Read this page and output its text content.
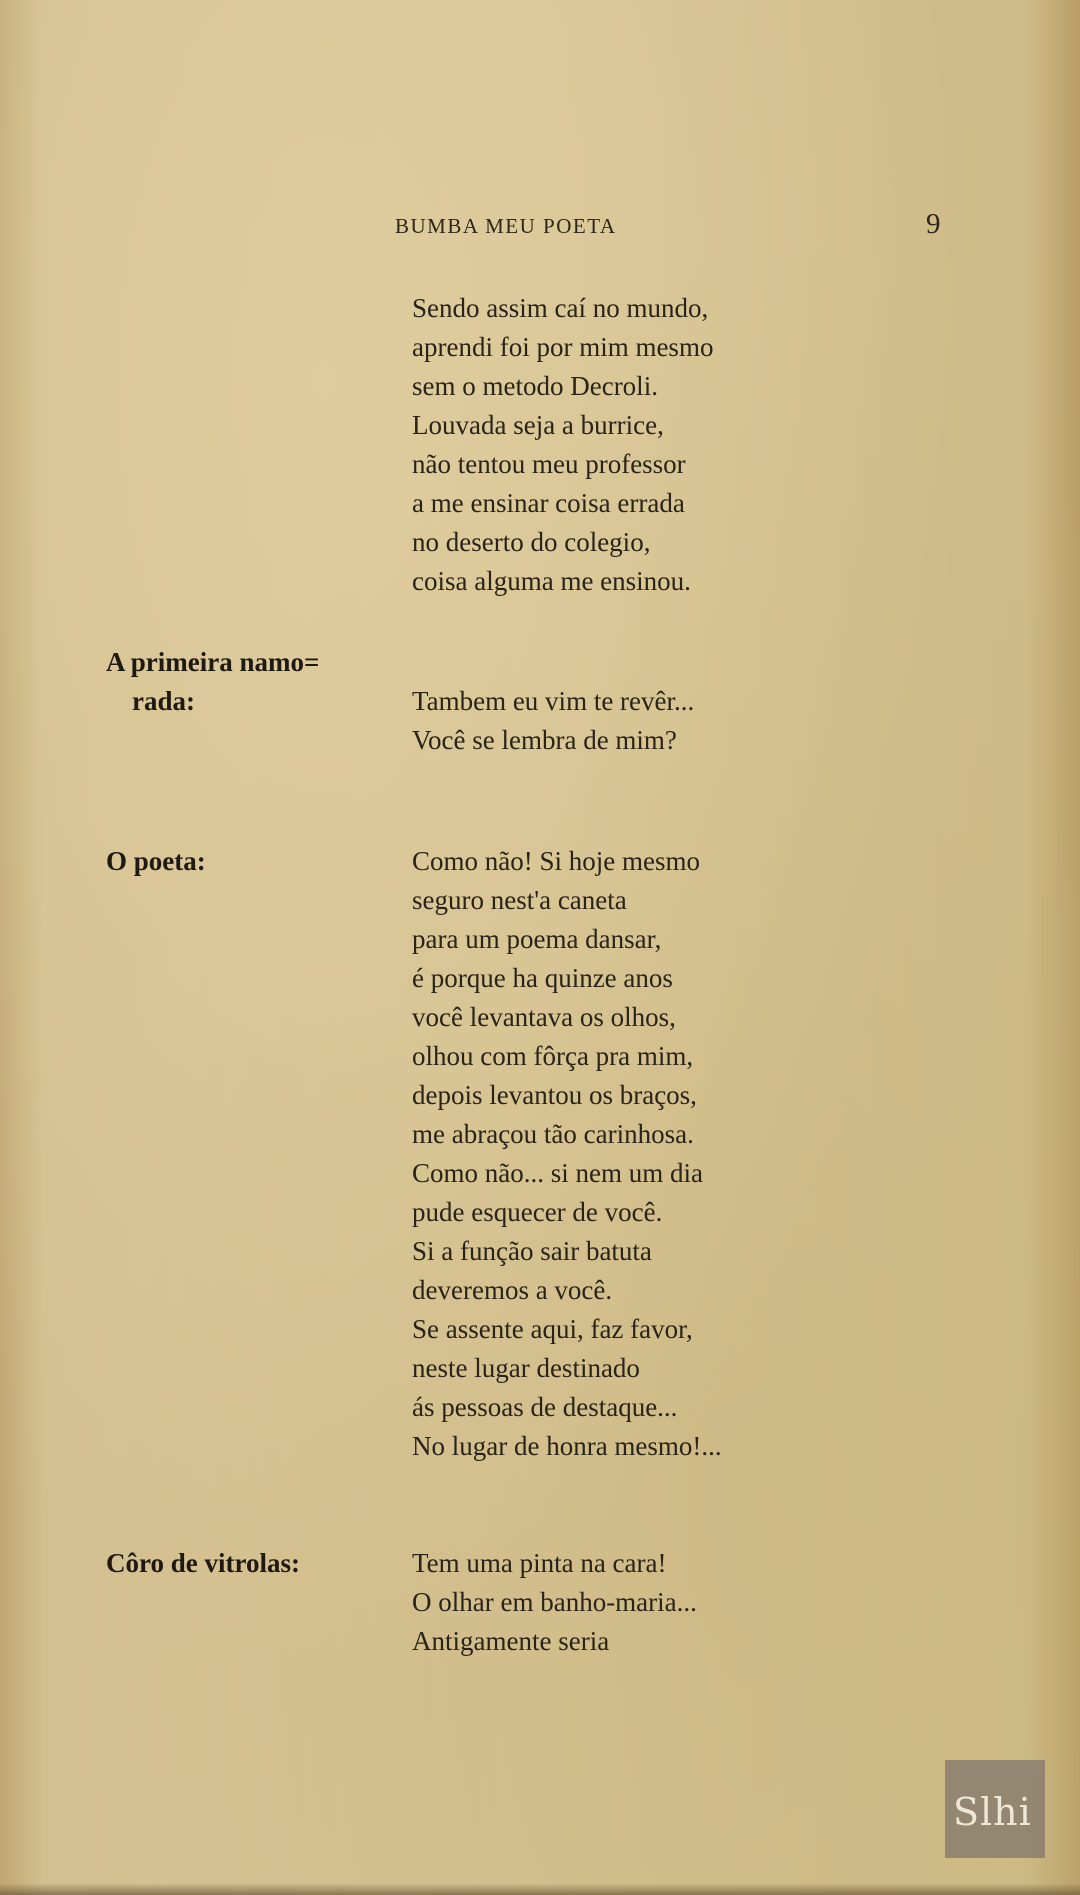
BUMBA MEU POETA	9
Sendo assim caí no mundo,
aprendi foi por mim mesmo
sem o metodo Decroli.
Louvada seja a burrice,
não tentou meu professor
a me ensinar coisa errada
no deserto do colegio,
coisa alguma me ensinou.
A primeira namo=
rada:	Tambem eu vim te revêr...
Você se lembra de mim?
O poeta:	Como não! Si hoje mesmo
seguro nest'a caneta
para um poema dansar,
é porque ha quinze anos
você levantava os olhos,
olhou com fôrça pra mim,
depois levantou os braços,
me abraçou tão carinhosa.
Como não... si nem um dia
pude esquecer de você.
Si a função sair batuta
deveremos a você.
Se assente aqui, faz favor,
neste lugar destinado
ás pessoas de destaque...
No lugar de honra mesmo!...
Côro de vitrolas:	Tem uma pinta na cara!
O olhar em banho-maria...
Antigamente seria
Slhi
